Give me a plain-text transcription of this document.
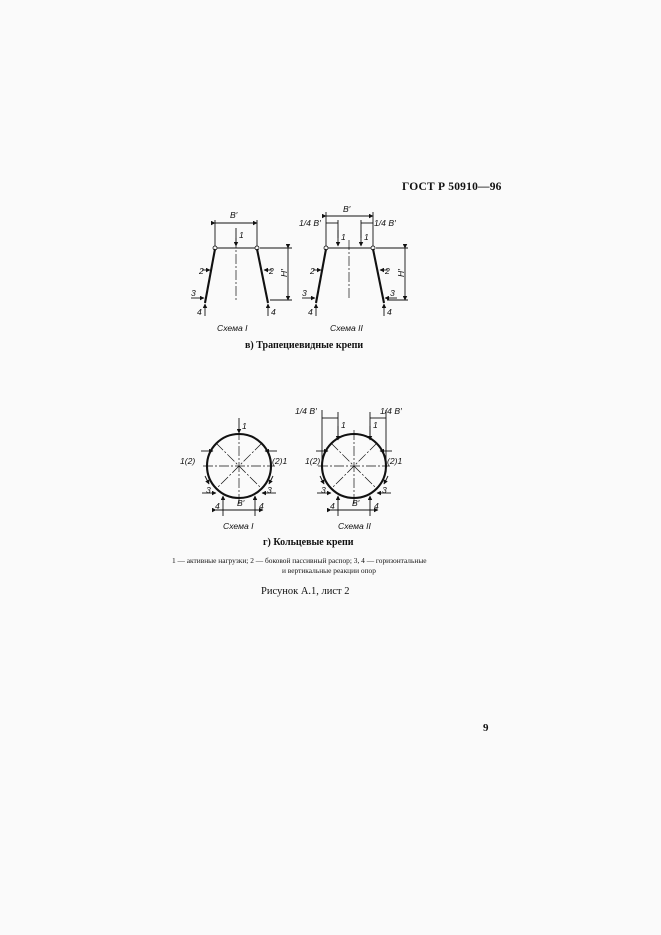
ГОСТ Р 50910—96
B′
1
2	2
3
4	4
H′
Схема I
B′
1/4 B′	1/4 B′
1 1
2	2
3	3
4	4
H′
Схема II
в) Трапециевидные крепи
1
1(2)	(2)1
3	3
4	4
B′
Схема I
1/4 B′	1/4 B′
1	1
1(2)	(2)1
3	3
4	4
B′
Схема II
г) Кольцевые крепи
1 — активные нагрузки; 2 — боковой пассивный распор; 3, 4 — горизонтальные
и вертикальные реакции опор
Рисунок А.1, лист 2
9
